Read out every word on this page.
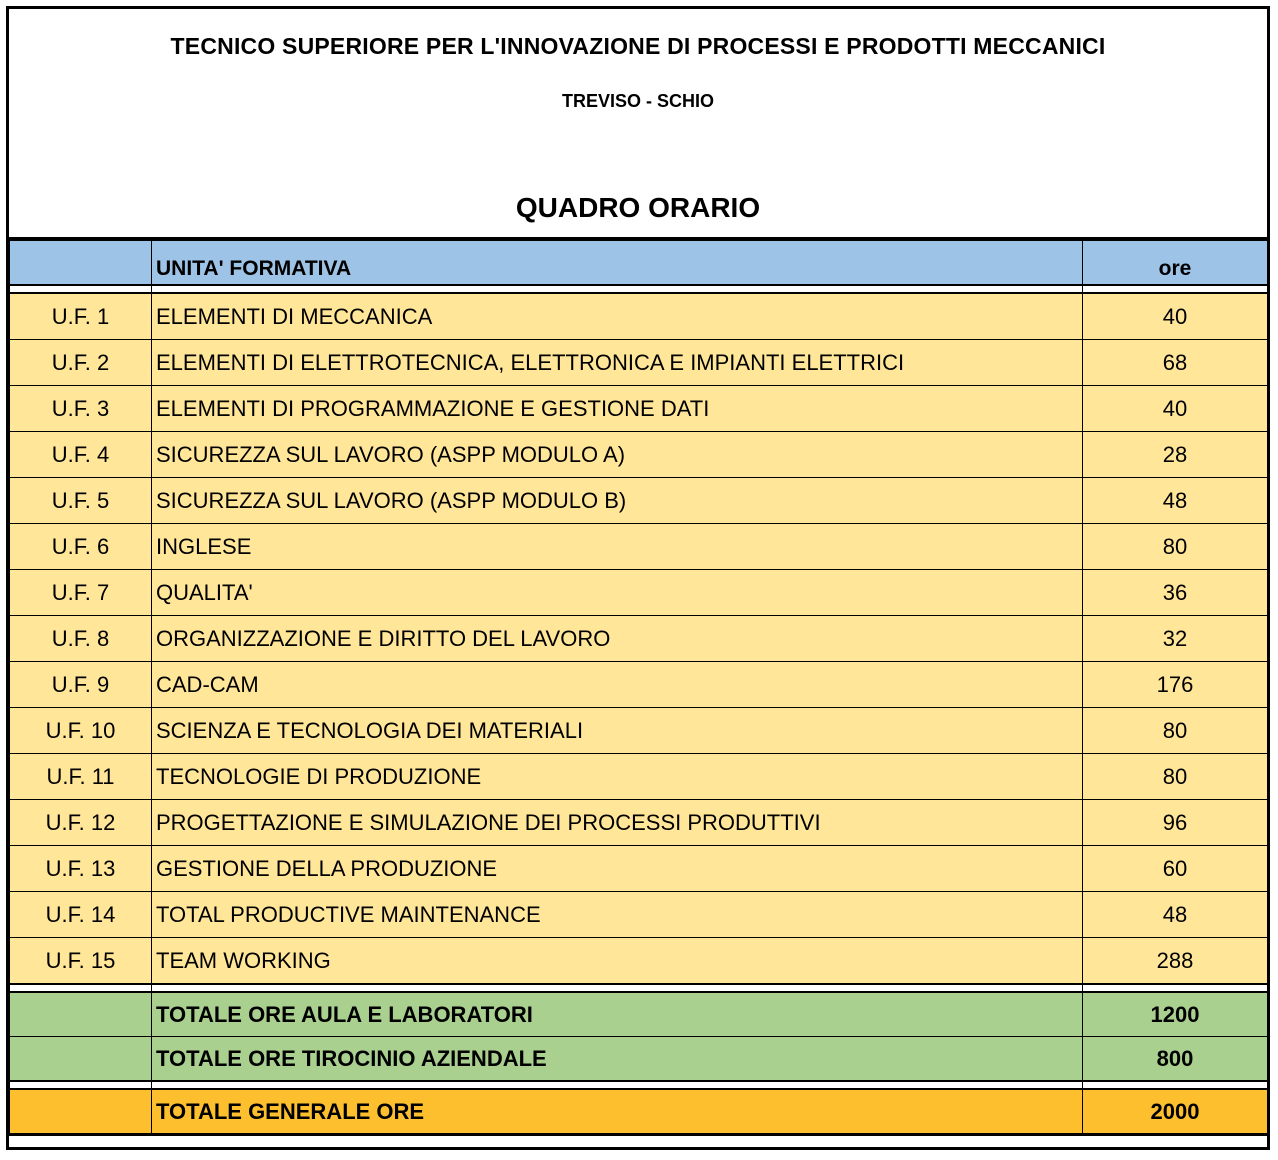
TECNICO SUPERIORE PER L'INNOVAZIONE DI PROCESSI E PRODOTTI MECCANICI
TREVISO - SCHIO
QUADRO ORARIO
	UNITA' FORMATIVA	ore

U.F. 1	ELEMENTI DI MECCANICA	40
U.F. 2	ELEMENTI DI ELETTROTECNICA, ELETTRONICA E IMPIANTI ELETTRICI	68
U.F. 3	ELEMENTI DI PROGRAMMAZIONE E GESTIONE DATI	40
U.F. 4	SICUREZZA SUL LAVORO (ASPP MODULO A)	28
U.F. 5	SICUREZZA SUL LAVORO (ASPP MODULO B)	48
U.F. 6	INGLESE	80
U.F. 7	QUALITA'	36
U.F. 8	ORGANIZZAZIONE E DIRITTO DEL LAVORO	32
U.F. 9	CAD-CAM	176
U.F. 10	SCIENZA E TECNOLOGIA DEI MATERIALI	80
U.F. 11	TECNOLOGIE DI PRODUZIONE	80
U.F. 12	PROGETTAZIONE E SIMULAZIONE DEI PROCESSI PRODUTTIVI	96
U.F. 13	GESTIONE DELLA PRODUZIONE	60
U.F. 14	TOTAL PRODUCTIVE MAINTENANCE	48
U.F. 15	TEAM WORKING	288

	TOTALE ORE AULA E LABORATORI	1200
	TOTALE ORE TIROCINIO AZIENDALE	800

	TOTALE GENERALE ORE	2000
